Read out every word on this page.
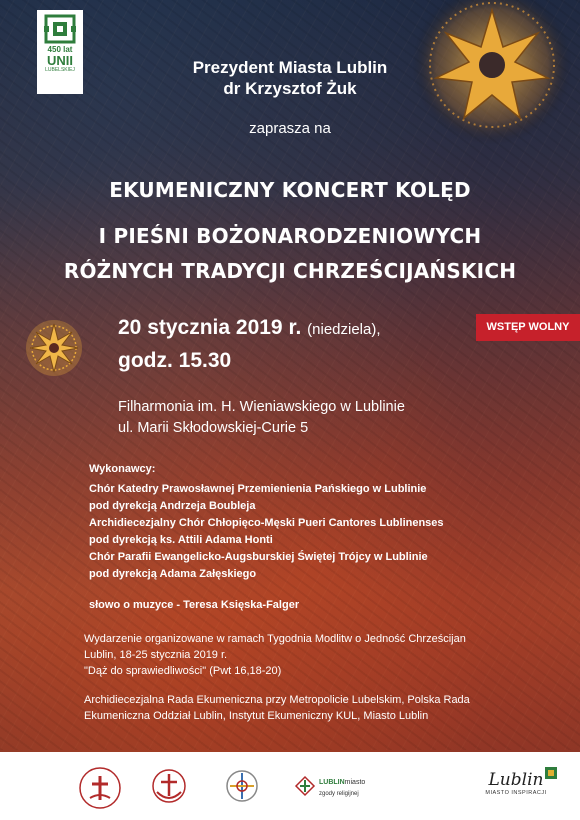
450 lat
UNII
LUBELSKIEJ	Prezydent Miasta Lublin
dr Krzysztof Żuk
zaprasza na
EKUMENICZNY KONCERT KOLĘD
I PIEŚNI BOŻONARODZENIOWYCH
RÓŻNYCH TRADYCJI CHRZEŚCIJAŃSKICH
20 stycznia 2019 r. (niedziela),
godz. 15.30
WSTĘP WOLNY
Filharmonia im. H. Wieniawskiego w Lublinie
ul. Marii Skłodowskiej-Curie 5
Wykonawcy:
Chór Katedry Prawosławnej Przemienienia Pańskiego w Lublinie
pod dyrekcją Andrzeja Boubleja
Archidiecezjalny Chór Chłopięco-Męski Pueri Cantores Lublinenses
pod dyrekcją ks. Attili Adama Honti
Chór Parafii Ewangelicko-Augsburskiej Świętej Trójcy w Lublinie
pod dyrekcją Adama Załęskiego
słowo o muzyce - Teresa Księska-Falger
Wydarzenie organizowane w ramach Tygodnia Modlitw o Jedność Chrześcijan
Lublin, 18-25 stycznia 2019 r.
"Dąż do sprawiedliwości" (Pwt 16,18-20)
Archidiecezjalna Rada Ekumeniczna przy Metropolicie Lubelskim, Polska Rada
Ekumeniczna Oddział Lublin, Instytut Ekumeniczny KUL, Miasto Lublin
LUBLINmiasto
zgody religijnej
Lublin
MIASTO INSPIRACJI
